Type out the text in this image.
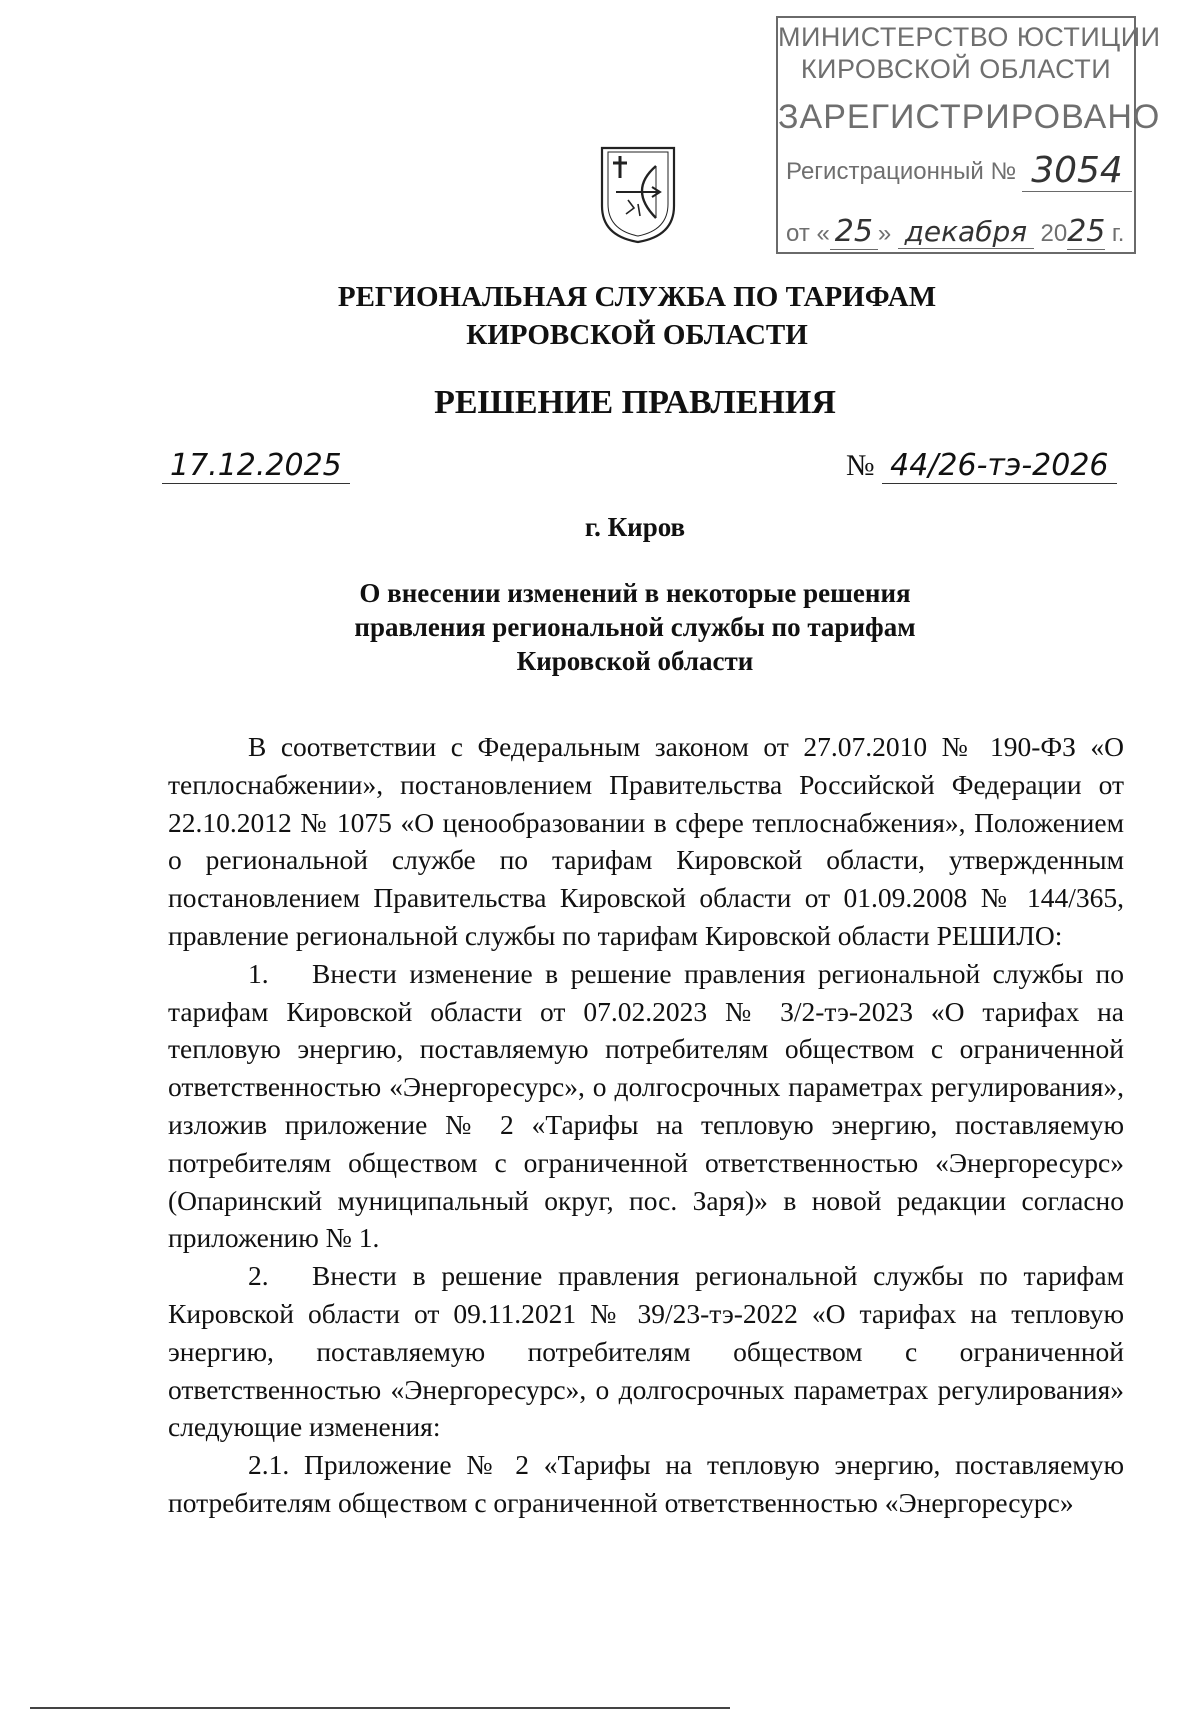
МИНИСТЕРСТВО ЮСТИЦИИ
КИРОВСКОЙ ОБЛАСТИ
ЗАРЕГИСТРИРОВАНО
Регистрационный № 3054
от « 25 » декабря 2025 г.
РЕГИОНАЛЬНАЯ СЛУЖБА ПО ТАРИФАМ
КИРОВСКОЙ ОБЛАСТИ
РЕШЕНИЕ ПРАВЛЕНИЯ
17.12.2025	№ 44/26-тэ-2026
г. Киров
О внесении изменений в некоторые решения
правления региональной службы по тарифам
Кировской области

В соответствии с Федеральным законом от 27.07.2010 № 190-ФЗ «О теплоснабжении», постановлением Правительства Российской Федерации от 22.10.2012 № 1075 «О ценообразовании в сфере теплоснабжения», Положением о региональной службе по тарифам Кировской области, утвержденным постановлением Правительства Кировской области от 01.09.2008 № 144/365, правление региональной службы по тарифам Кировской области РЕШИЛО:

1. Внести изменение в решение правления региональной службы по тарифам Кировской области от 07.02.2023 № 3/2-тэ-2023 «О тарифах на тепловую энергию, поставляемую потребителям обществом с ограниченной ответственностью «Энергоресурс», о долгосрочных параметрах регулирования», изложив приложение № 2 «Тарифы на тепловую энергию, поставляемую потребителям обществом с ограниченной ответственностью «Энергоресурс» (Опаринский муниципальный округ, пос. Заря)» в новой редакции согласно приложению № 1.

2. Внести в решение правления региональной службы по тарифам Кировской области от 09.11.2021 № 39/23-тэ-2022 «О тарифах на тепловую энергию, поставляемую потребителям обществом с ограниченной ответственностью «Энергоресурс», о долгосрочных параметрах регулирования» следующие изменения:

2.1. Приложение № 2 «Тарифы на тепловую энергию, поставляемую потребителям обществом с ограниченной ответственностью «Энергоресурс»
